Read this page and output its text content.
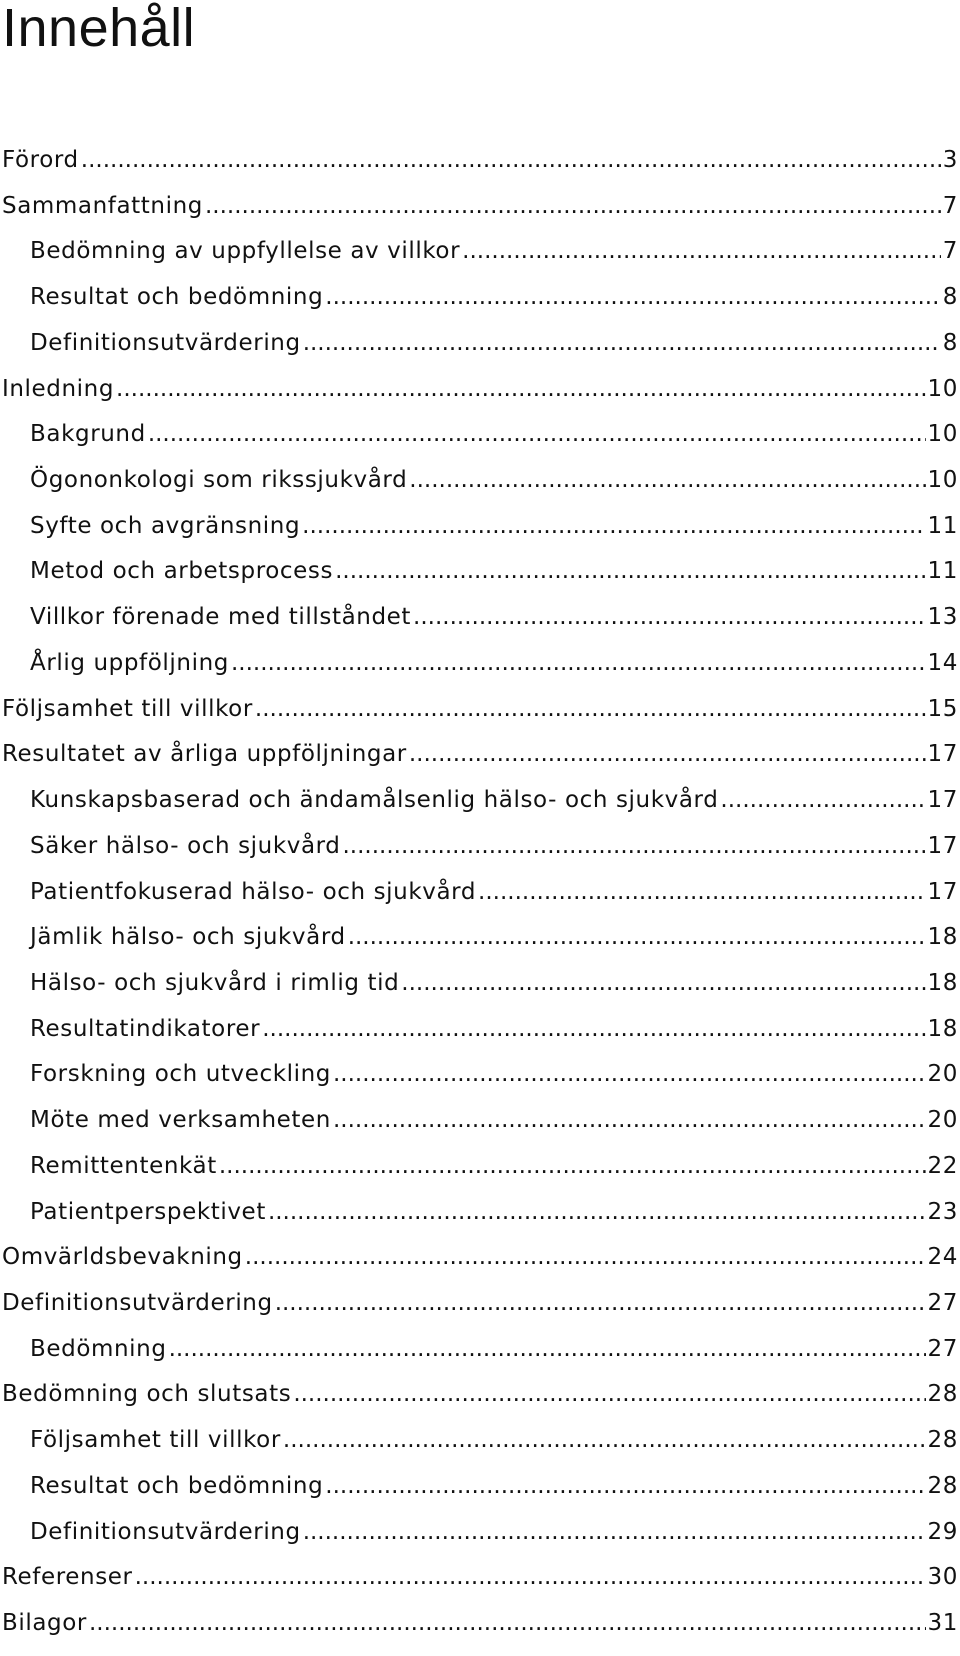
Innehåll
Förord .....	3
Sammanfattning .....	7
Bedömning av uppfyllelse av villkor .....	7
Resultat och bedömning .....	8
Definitionsutvärdering .....	8
Inledning .....	10
Bakgrund .....	10
Ögononkologi som rikssjukvård .....	10
Syfte och avgränsning .....	11
Metod och arbetsprocess .....	11
Villkor förenade med tillståndet .....	13
Årlig uppföljning .....	14
Följsamhet till villkor .....	15
Resultatet av årliga uppföljningar .....	17
Kunskapsbaserad och ändamålsenlig hälso- och sjukvård .....	17
Säker hälso- och sjukvård .....	17
Patientfokuserad hälso- och sjukvård .....	17
Jämlik hälso- och sjukvård .....	18
Hälso- och sjukvård i rimlig tid .....	18
Resultatindikatorer .....	18
Forskning och utveckling .....	20
Möte med verksamheten .....	20
Remittentenkät .....	22
Patientperspektivet .....	23
Omvärldsbevakning .....	24
Definitionsutvärdering .....	27
Bedömning .....	27
Bedömning och slutsats .....	28
Följsamhet till villkor .....	28
Resultat och bedömning .....	28
Definitionsutvärdering .....	29
Referenser .....	30
Bilagor .....	31
